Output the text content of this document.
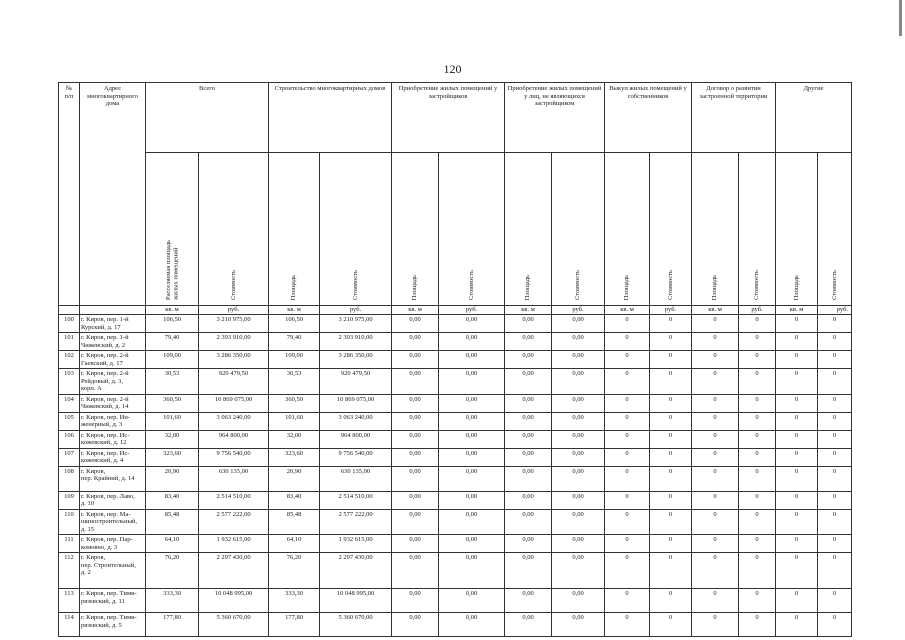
120
№
п/п	Адрес
многоквартирного
дома	Всего		Строительство многоквартирных домов		Приобретение жилых помещений у застройщиков		Приобретение жилых помещений у лиц, не являющихся застройщиком		Выкуп жилых помещений у собственников		Договор о развитии застроенной территории		Другие	
		Расселяемая площадь
жилых помещений	Стоимость	Площадь	Стоимость	Площадь	Стоимость	Площадь	Стоимость	Площадь	Стоимость	Площадь	Стоимость	Площадь	Стоимость
		кв. м	руб.	кв. м	руб.	кв. м	руб.	кв. м	руб.	кв. м	руб.	кв. м	руб.	кв. м	руб.
100	г. Киров, пер. 1-й
Курский, д. 17	106,50	3 210 975,00	106,50	3 210 975,00	0,00	0,00	0,00	0,00	0	0	0	0	0	0
101	г. Киров, пер. 1-й
Чижевский, д. 2	79,40	2 393 910,00	79,40	2 393 910,00	0,00	0,00	0,00	0,00	0	0	0	0	0	0
102	г. Киров, пер. 2-й
Гаевский, д. 17	109,00	3 286 350,00	109,00	3 286 350,00	0,00	0,00	0,00	0,00	0	0	0	0	0	0
103	г. Киров, пер. 2-й
Рейдовый, д. 3,
корп. А	30,53	920 479,50	30,53	920 479,50	0,00	0,00	0,00	0,00	0	0	0	0	0	0
104	г. Киров, пер. 2-й
Чижевский, д. 14	360,50	10 869 075,00	360,50	10 869 075,00	0,00	0,00	0,00	0,00	0	0	0	0	0	0
105	г. Киров, пер. Ин-
женерный, д. 3	101,60	3 063 240,00	101,60	3 063 240,00	0,00	0,00	0,00	0,00	0	0	0	0	0	0
106	г. Киров, пер. Ис-
кожевский, д. 12	32,00	964 800,00	32,00	964 800,00	0,00	0,00	0,00	0,00	0	0	0	0	0	0
107	г. Киров, пер. Ис-
кожевский, д. 4	323,60	9 756 540,00	323,60	9 756 540,00	0,00	0,00	0,00	0,00	0	0	0	0	0	0
108	г. Киров,
пер. Крайний, д. 14	20,90	630 135,00	20,90	630 135,00	0,00	0,00	0,00	0,00	0	0	0	0	0	0
109	г. Киров, пер. Лаво,
д. 10	83,40	2 514 510,00	83,40	2 514 510,00	0,00	0,00	0,00	0,00	0	0	0	0	0	0
110	г. Киров, пер. Ма-
шиностроительный,
д. 15	85,48	2 577 222,00	85,48	2 577 222,00	0,00	0,00	0,00	0,00	0	0	0	0	0	0
111	г. Киров, пер. Пар-
комовно, д. 3	64,10	1 932 615,00	64,10	1 932 615,00	0,00	0,00	0,00	0,00	0	0	0	0	0	0
112	г. Киров,
пер. Строительный,
д. 2	76,20	2 297 430,00	76,20	2 297 430,00	0,00	0,00	0,00	0,00	0	0	0	0	0	0
113	г. Киров, пер. Тими-
рязевский, д. 11	333,30	10 048 995,00	333,30	10 048 995,00	0,00	0,00	0,00	0,00	0	0	0	0	0	0
114	г. Киров, пер. Тими-
рязевский, д. 5	177,80	5 360 670,00	177,80	5 360 670,00	0,00	0,00	0,00	0,00	0	0	0	0	0	0
